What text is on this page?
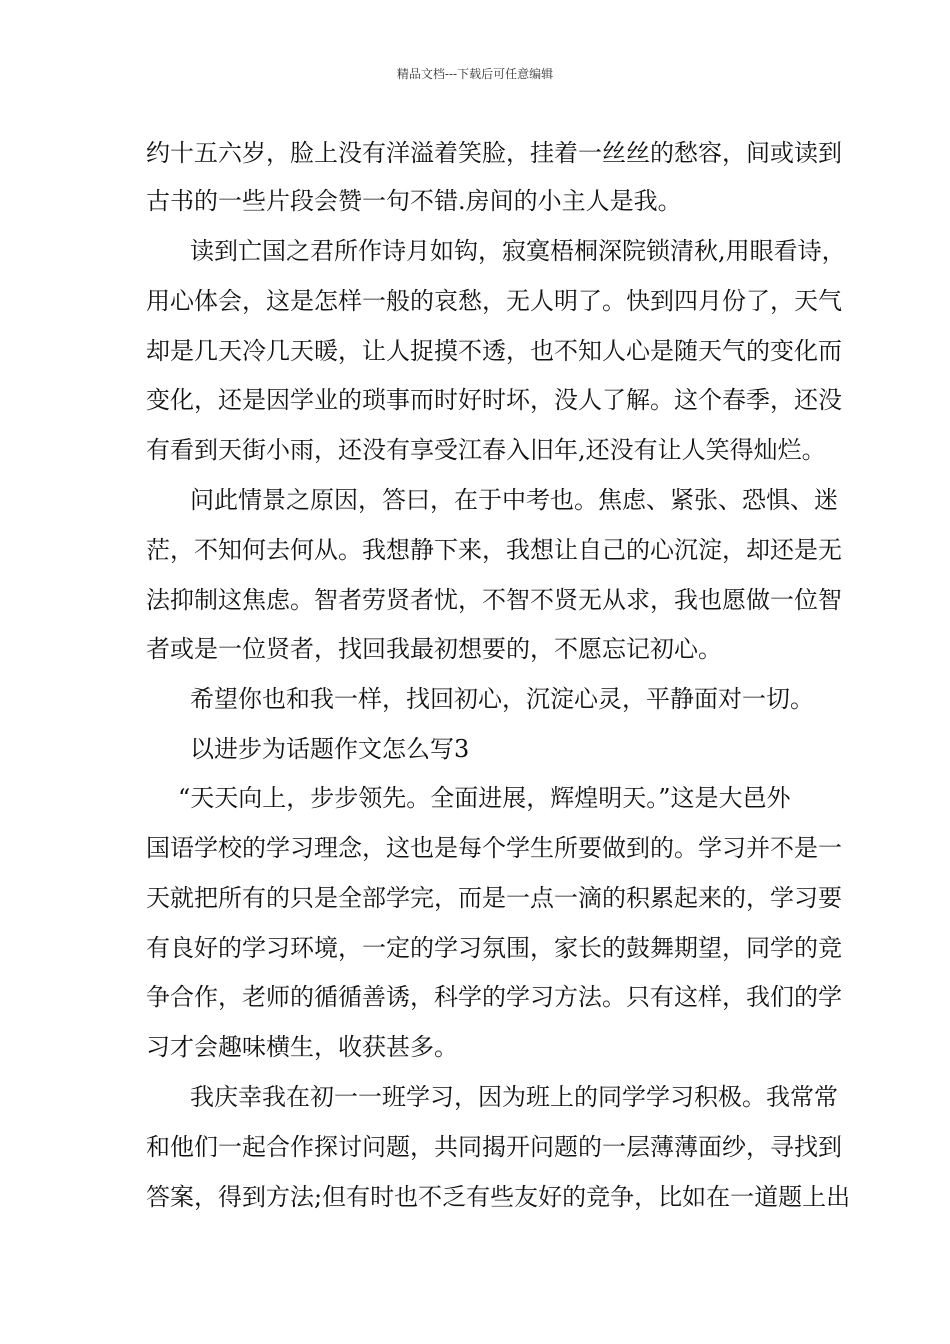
精品文档---下载后可任意编辑
约十五六岁，脸上没有洋溢着笑脸，挂着一丝丝的愁容，间或读到
古书的一些片段会赞一句不错.房间的小主人是我。
读到亡国之君所作诗月如钩，寂寞梧桐深院锁清秋,用眼看诗，
用心体会，这是怎样一般的哀愁，无人明了。快到四月份了，天气
却是几天冷几天暖，让人捉摸不透，也不知人心是随天气的变化而
变化，还是因学业的琐事而时好时坏，没人了解。这个春季，还没
有看到天街小雨，还没有享受江春入旧年,还没有让人笑得灿烂。
问此情景之原因，答曰，在于中考也。焦虑、紧张、恐惧、迷
茫，不知何去何从。我想静下来，我想让自己的心沉淀，却还是无
法抑制这焦虑。智者劳贤者忧，不智不贤无从求，我也愿做一位智
者或是一位贤者，找回我最初想要的，不愿忘记初心。
希望你也和我一样，找回初心，沉淀心灵，平静面对一切。
以进步为话题作文怎么写3
“天天向上，步步领先。全面进展，辉煌明天。”这是大邑外
国语学校的学习理念，这也是每个学生所要做到的。学习并不是一
天就把所有的只是全部学完，而是一点一滴的积累起来的，学习要
有良好的学习环境，一定的学习氛围，家长的鼓舞期望，同学的竞
争合作，老师的循循善诱，科学的学习方法。只有这样，我们的学
习才会趣味横生，收获甚多。
我庆幸我在初一一班学习，因为班上的同学学习积极。我常常
和他们一起合作探讨问题，共同揭开问题的一层薄薄面纱，寻找到
答案，得到方法;但有时也不乏有些友好的竞争，比如在一道题上出
